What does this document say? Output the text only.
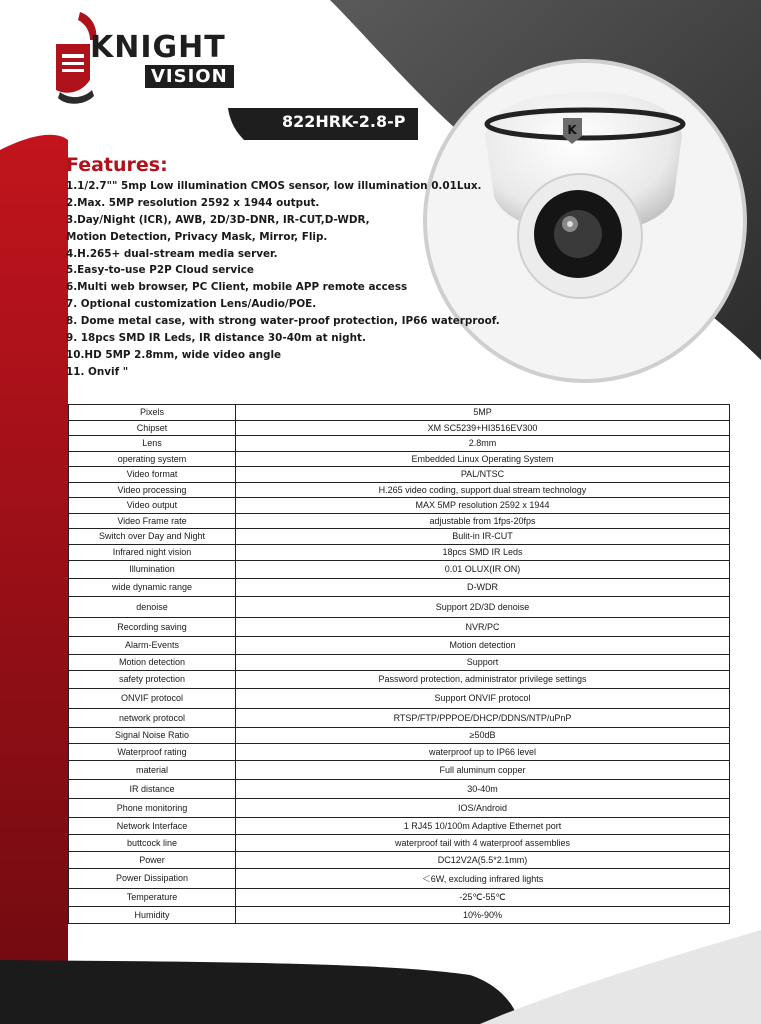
KNIGHT
VISION
822HRK-2.8-P	K
Features:
1.1/2.7"" 5mp Low illumination CMOS sensor, low illumination 0.01Lux.
2.Max. 5MP resolution 2592 x 1944 output.
3.Day/Night (ICR), AWB, 2D/3D-DNR, IR-CUT,D-WDR,
Motion Detection, Privacy Mask, Mirror, Flip.
4.H.265+ dual-stream media server.
5.Easy-to-use P2P Cloud service
6.Multi web browser, PC Client, mobile APP remote access
7. Optional customization Lens/Audio/POE.
8. Dome metal case, with strong water-proof protection, IP66 waterproof.
9. 18pcs SMD IR Leds, IR distance 30-40m at night.
10.HD 5MP 2.8mm, wide video angle
11. Onvif "
Pixels	5MP
Chipset	XM SC5239+HI3516EV300
Lens	2.8mm
operating system	Embedded Linux Operating System
Video format	PAL/NTSC
Video processing	H.265 video coding, support dual stream technology
Video output	MAX 5MP resolution 2592 x 1944
Video Frame rate	adjustable from 1fps-20fps
Switch over Day and Night	Bulit-in IR-CUT
Infrared night vision	18pcs SMD IR Leds
Illumination	0.01 OLUX(IR ON)
wide dynamic range	D-WDR
denoise	Support 2D/3D denoise
Recording saving	NVR/PC
Alarm-Events	Motion detection
Motion detection	Support
safety protection	Password protection, administrator privilege settings
ONVIF protocol	Support ONVIF protocol
network protocol	RTSP/FTP/PPPOE/DHCP/DDNS/NTP/uPnP
Signal Noise Ratio	≥50dB
Waterproof rating	waterproof up to IP66 level
material	Full aluminum copper
IR distance	30-40m
Phone monitoring	IOS/Android
Network Interface	1 RJ45 10/100m Adaptive Ethernet port
buttcock line	waterproof tail with 4 waterproof assemblies
Power	DC12V2A(5.5*2.1mm)
Power Dissipation	＜6W, excluding infrared lights
Temperature	-25℃-55℃
Humidity	10%-90%
